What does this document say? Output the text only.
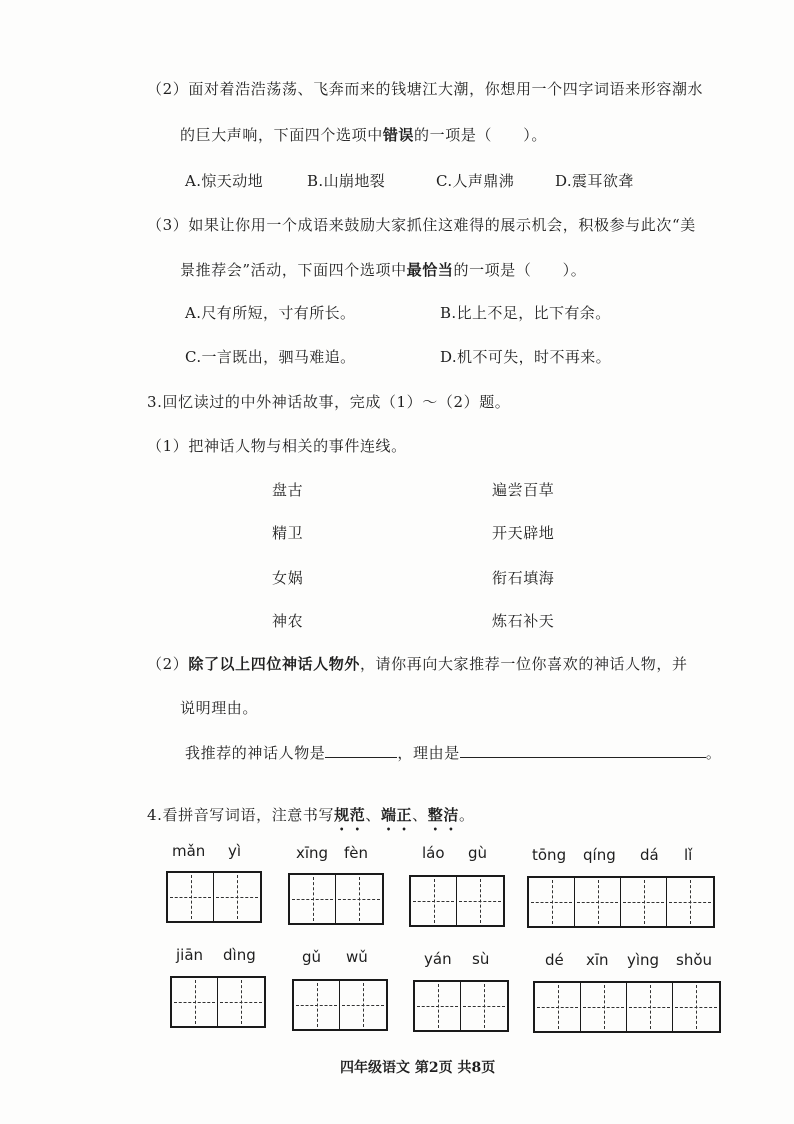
（2）面对着浩浩荡荡、飞奔而来的钱塘江大潮，你想用一个四字词语来形容潮水
的巨大声响，下面四个选项中错误的一项是（　　）。
A.惊天动地	B.山崩地裂	C.人声鼎沸	D.震耳欲聋
（3）如果让你用一个成语来鼓励大家抓住这难得的展示机会，积极参与此次“美
景推荐会”活动，下面四个选项中最恰当的一项是（　　）。
A.尺有所短，寸有所长。	B.比上不足，比下有余。
C.一言既出，驷马难追。	D.机不可失，时不再来。
3.回忆读过的中外神话故事，完成（1）～（2）题。
（1）把神话人物与相关的事件连线。
盘古
精卫
女娲
神农
遍尝百草
开天辟地
衔石填海
炼石补天
（2）除了以上四位神话人物外，请你再向大家推荐一位你喜欢的神话人物，并
说明理由。
我推荐的神话人物是	，理由是	。
4.看拼音写词语，注意书写规范、端正、整洁。
mǎn yì	xīng fèn	láo gù	tōng qíng dá lǐ
jiān dìng	gǔ wǔ	yán sù	dé xīn yìng shǒu
四年级语文 第2页 共8页
